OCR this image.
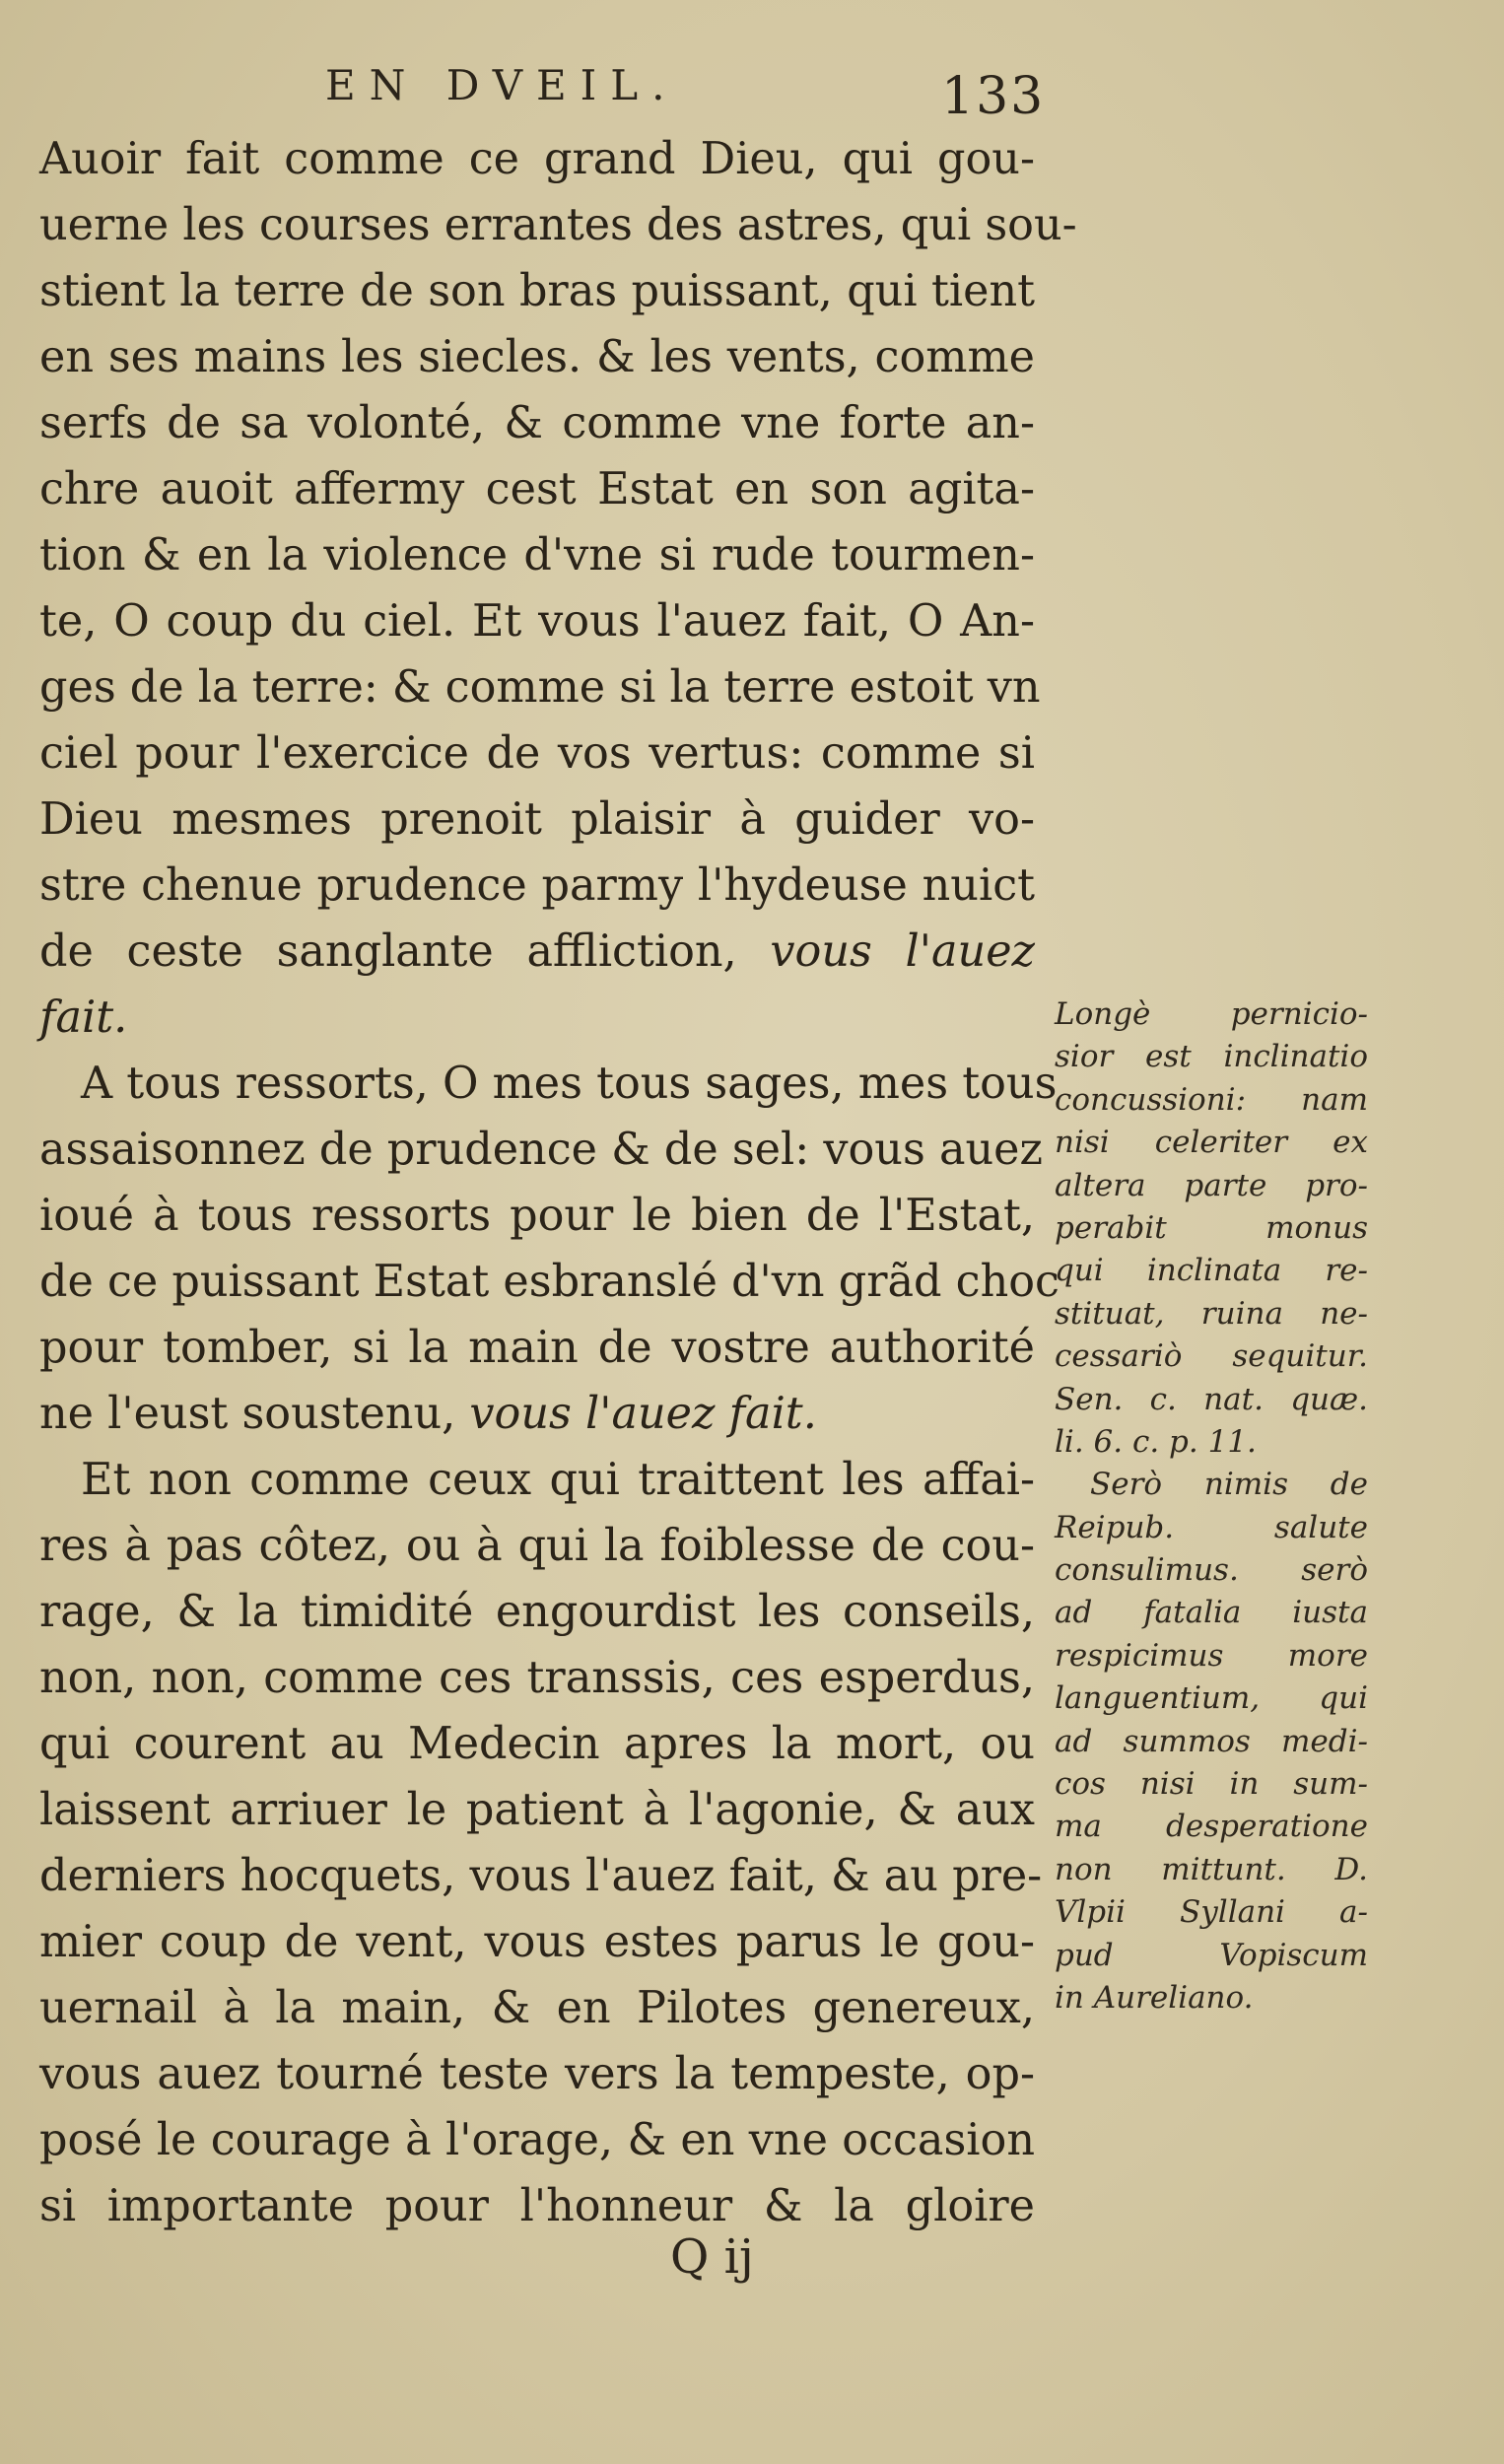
EN DVEIL.	133
Auoir fait comme ce grand Dieu, qui gou-
uerne les courses errantes des astres, qui sou-
stient la terre de son bras puissant, qui tient
en ses mains les siecles. & les vents, comme
serfs de sa volonté, & comme vne forte an-
chre auoit affermy cest Estat en son agita-
tion & en la violence d'vne si rude tourmen-
te, O coup du ciel. Et vous l'auez fait, O An-
ges de la terre: & comme si la terre estoit vn
ciel pour l'exercice de vos vertus: comme si
Dieu mesmes prenoit plaisir à guider vo-
stre chenue prudence parmy l'hydeuse nuict
de ceste sanglante affliction, vous l'auez
fait.
A tous ressorts, O mes tous sages, mes tous
assaisonnez de prudence & de sel: vous auez
ioué à tous ressorts pour le bien de l'Estat,
de ce puissant Estat esbranslé d'vn grãd choc
pour tomber, si la main de vostre authorité
ne l'eust soustenu, vous l'auez fait.
Et non comme ceux qui traittent les affai-
res à pas côtez, ou à qui la foiblesse de cou-
rage, & la timidité engourdist les conseils,
non, non, comme ces transsis, ces esperdus,
qui courent au Medecin apres la mort, ou
laissent arriuer le patient à l'agonie, & aux
derniers hocquets, vous l'auez fait, & au pre-
mier coup de vent, vous estes parus le gou-
uernail à la main, & en Pilotes genereux,
vous auez tourné teste vers la tempeste, op-
posé le courage à l'orage, & en vne occasion
si importante pour l'honneur & la gloire
Longè pernicio-
sior est inclinatio
concussioni: nam
nisi celeriter ex
altera parte pro-
perabit monus
qui inclinata re-
stituat, ruina ne-
cessariò sequitur.
Sen. c. nat. quæ.
li. 6. c. p. 11.
Serò nimis de
Reipub. salute
consulimus. serò
ad fatalia iusta
respicimus more
languentium, qui
ad summos medi-
cos nisi in sum-
ma desperatione
non mittunt. D.
Vlpii Syllani a-
pud Vopiscum
in Aureliano.
Q ij
